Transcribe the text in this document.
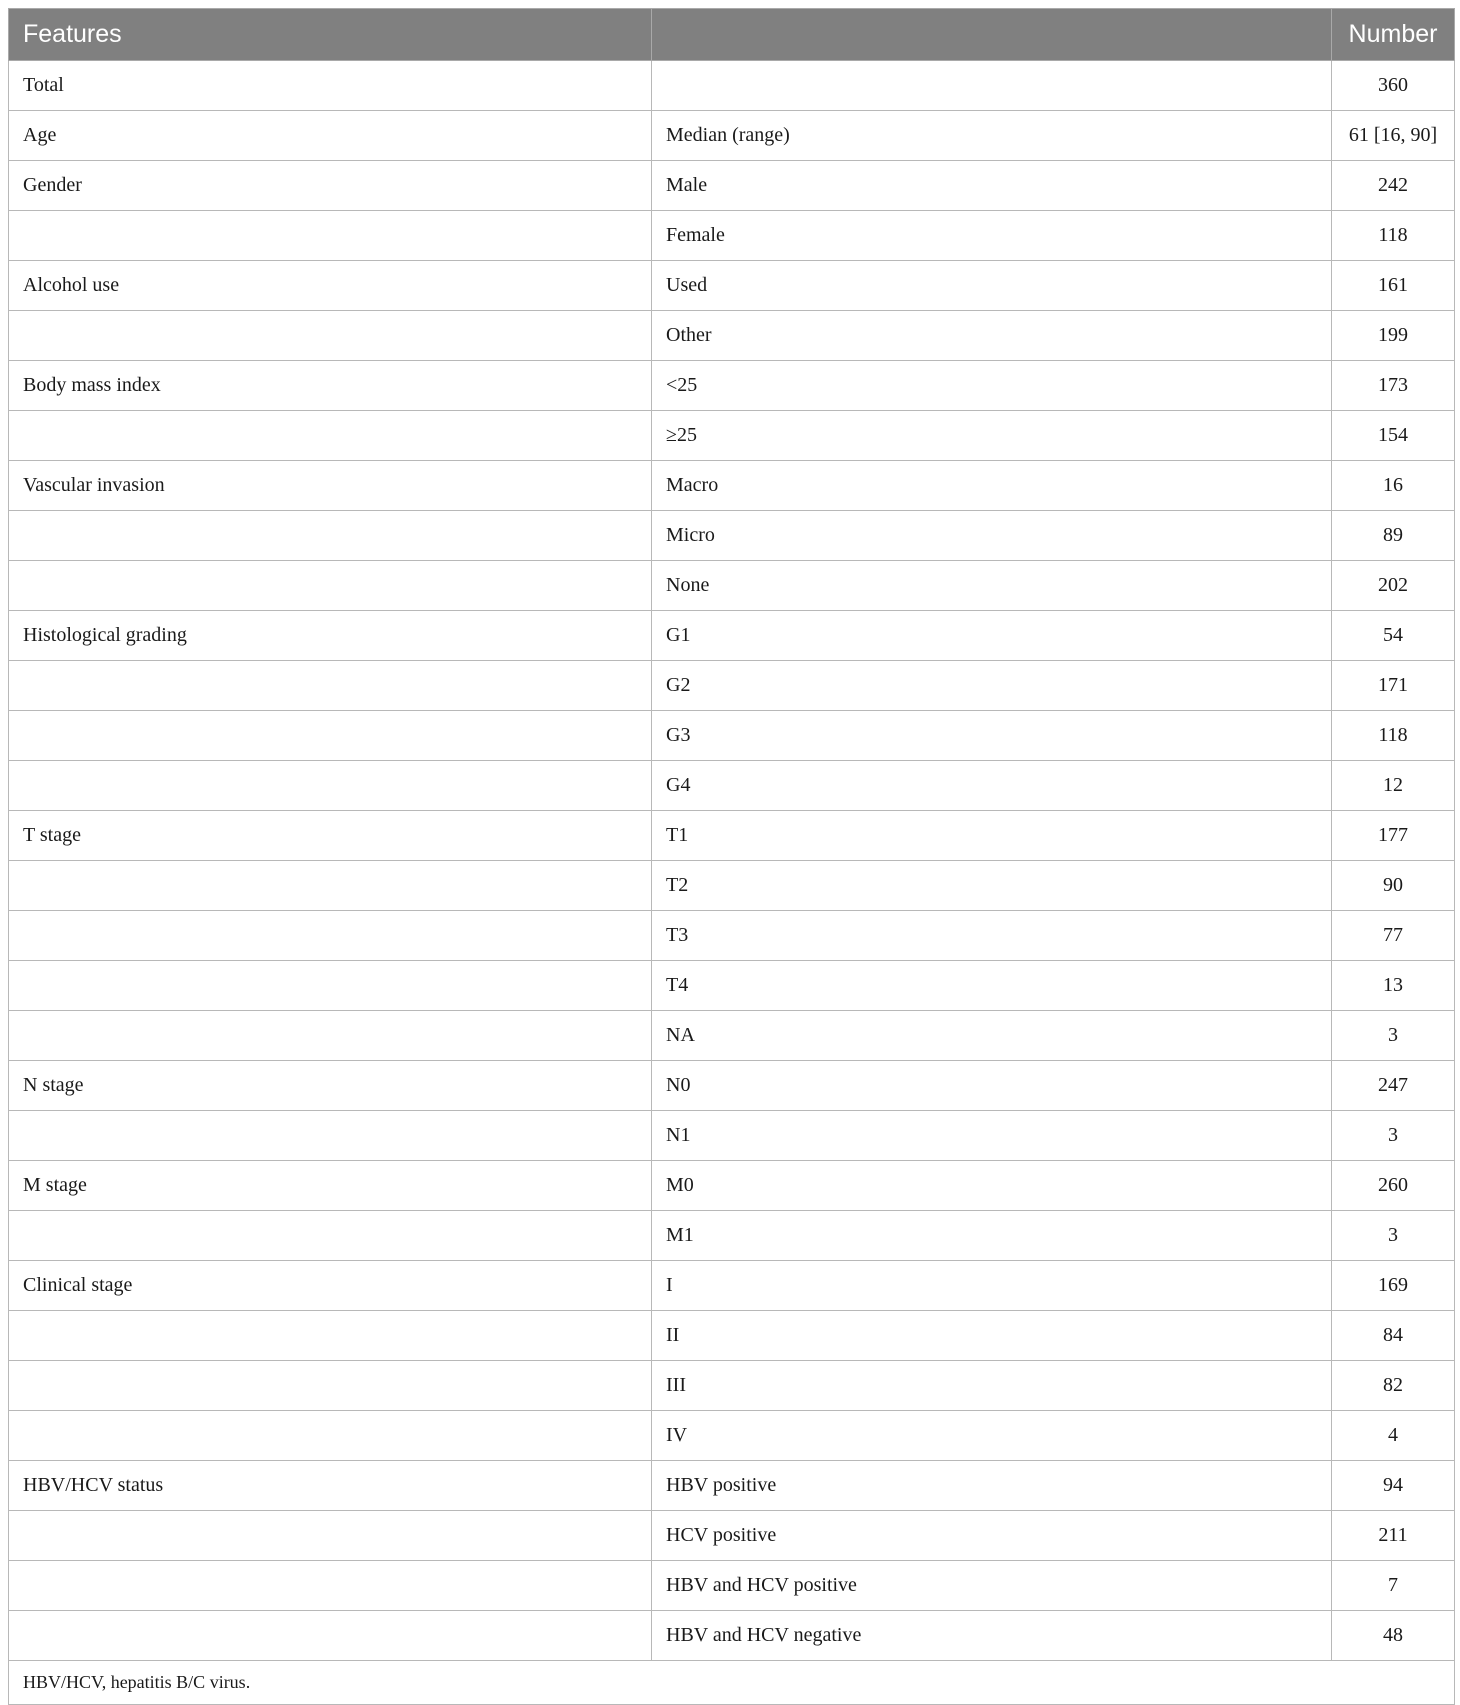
Features		Number
Total		360
Age	Median (range)	61 [16, 90]
Gender	Male	242
	Female	118
Alcohol use	Used	161
	Other	199
Body mass index	<25	173
	≥25	154
Vascular invasion	Macro	16
	Micro	89
	None	202
Histological grading	G1	54
	G2	171
	G3	118
	G4	12
T stage	T1	177
	T2	90
	T3	77
	T4	13
	NA	3
N stage	N0	247
	N1	3
M stage	M0	260
	M1	3
Clinical stage	I	169
	II	84
	III	82
	IV	4
HBV/HCV status	HBV positive	94
	HCV positive	211
	HBV and HCV positive	7
	HBV and HCV negative	48
HBV/HCV, hepatitis B/C virus.		
